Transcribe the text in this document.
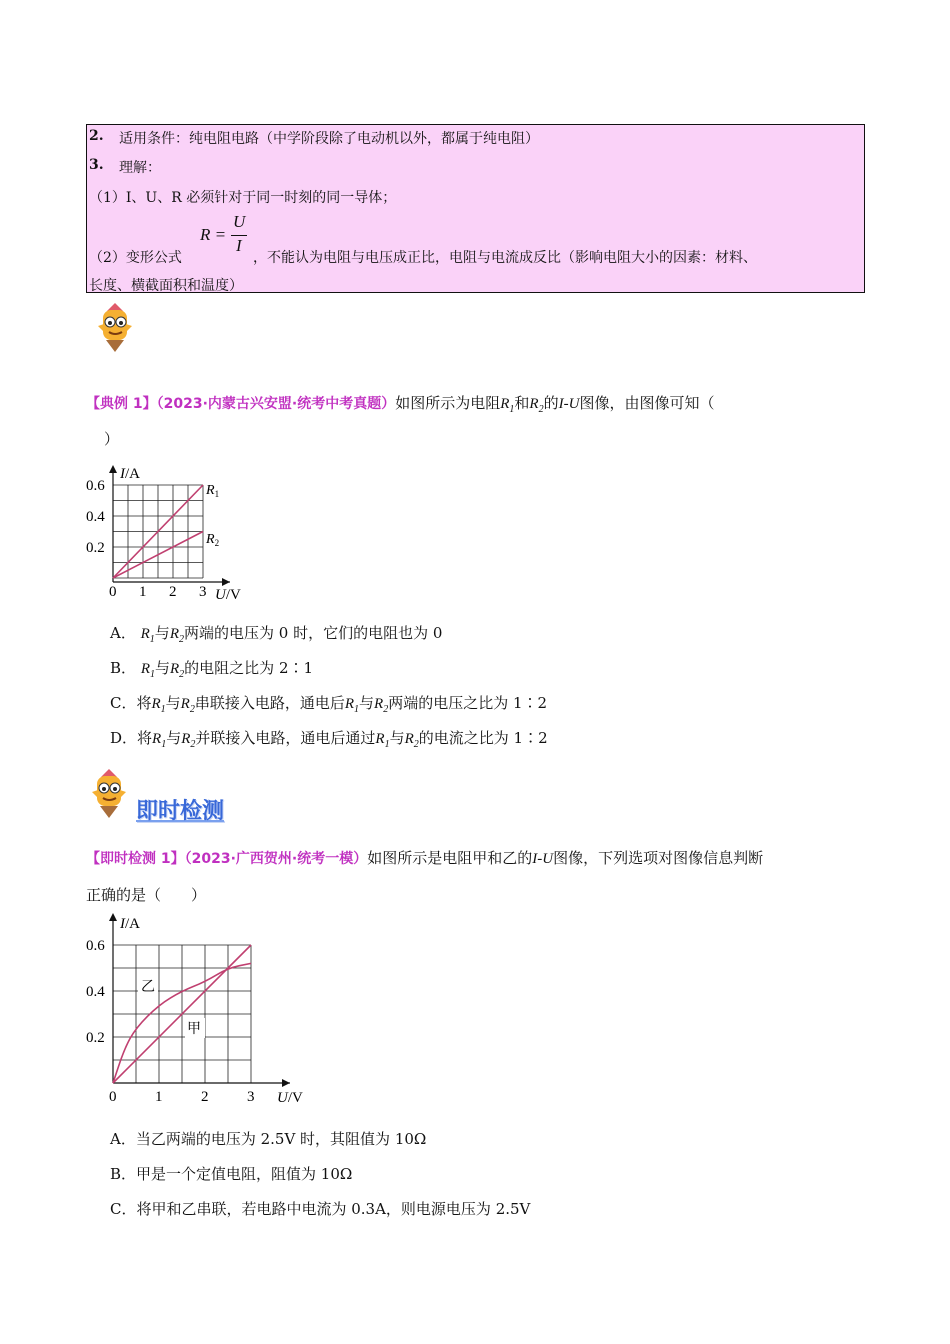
2. 适用条件：纯电阻电路（中学阶段除了电动机以外，都属于纯电阻）
3. 理解：
（1）I、U、R 必须针对于同一时刻的同一导体；
（2）变形公式
R =
U
I
，不能认为电阻与电压成正比，电阻与电流成反比（影响电阻大小的因素：材料、
长度、横截面积和温度）
【典例 1】（2023·内蒙古兴安盟·统考中考真题）如图所示为电阻$R_1$和$R_2$的I-U图像，由图像可知（
）
0 1 2 3
0.2
0.4
0.6
I/A
U/V
$R_1$
$R_2$
A． $R_1$与$R_2$两端的电压为 0 时，它们的电阻也为 0
B． $R_1$与$R_2$的电阻之比为 2∶1
C．将$R_1$与$R_2$串联接入电路，通电后$R_1$与$R_2$两端的电压之比为 1∶2
D．将$R_1$与$R_2$并联接入电路，通电后通过$R_1$与$R_2$的电流之比为 1∶2
即时检测
【即时检测 1】（2023·广西贺州·统考一模）如图所示是电阻甲和乙的I-U图像，下列选项对图像信息判断
正确的是（　　）
0	1	2	3
0.2
0.4
0.6
I/A
U/V
乙
甲
A．当乙两端的电压为 2.5V 时，其阻值为 10Ω
B．甲是一个定值电阻，阻值为 10Ω
C．将甲和乙串联，若电路中电流为 0.3A，则电源电压为 2.5V
